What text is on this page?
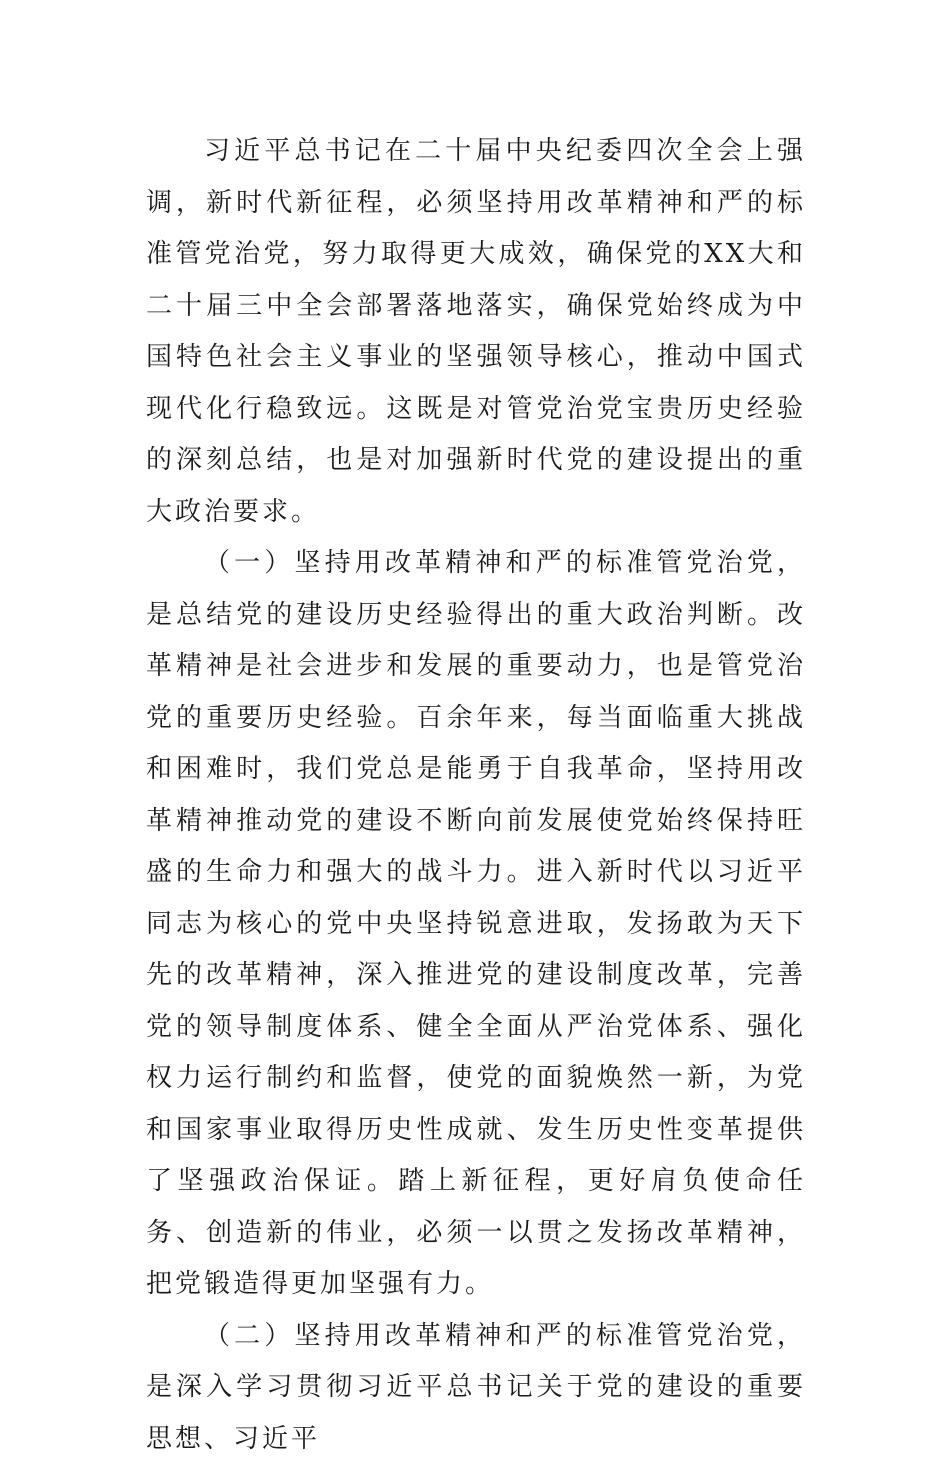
习近平总书记在二十届中央纪委四次全会上强调，新时代新征程，必须坚持用改革精神和严的标准管党治党，努力取得更大成效，确保党的XX大和二十届三中全会部署落地落实，确保党始终成为中国特色社会主义事业的坚强领导核心，推动中国式现代化行稳致远。这既是对管党治党宝贵历史经验的深刻总结，也是对加强新时代党的建设提出的重大政治要求。

（一）坚持用改革精神和严的标准管党治党，是总结党的建设历史经验得出的重大政治判断。改革精神是社会进步和发展的重要动力，也是管党治党的重要历史经验。百余年来，每当面临重大挑战和困难时，我们党总是能勇于自我革命，坚持用改革精神推动党的建设不断向前发展使党始终保持旺盛的生命力和强大的战斗力。进入新时代以习近平同志为核心的党中央坚持锐意进取，发扬敢为天下先的改革精神，深入推进党的建设制度改革，完善党的领导制度体系、健全全面从严治党体系、强化权力运行制约和监督，使党的面貌焕然一新，为党和国家事业取得历史性成就、发生历史性变革提供了坚强政治保证。踏上新征程，更好肩负使命任务、创造新的伟业，必须一以贯之发扬改革精神，把党锻造得更加坚强有力。

（二）坚持用改革精神和严的标准管党治党，是深入学习贯彻习近平总书记关于党的建设的重要思想、习近平
